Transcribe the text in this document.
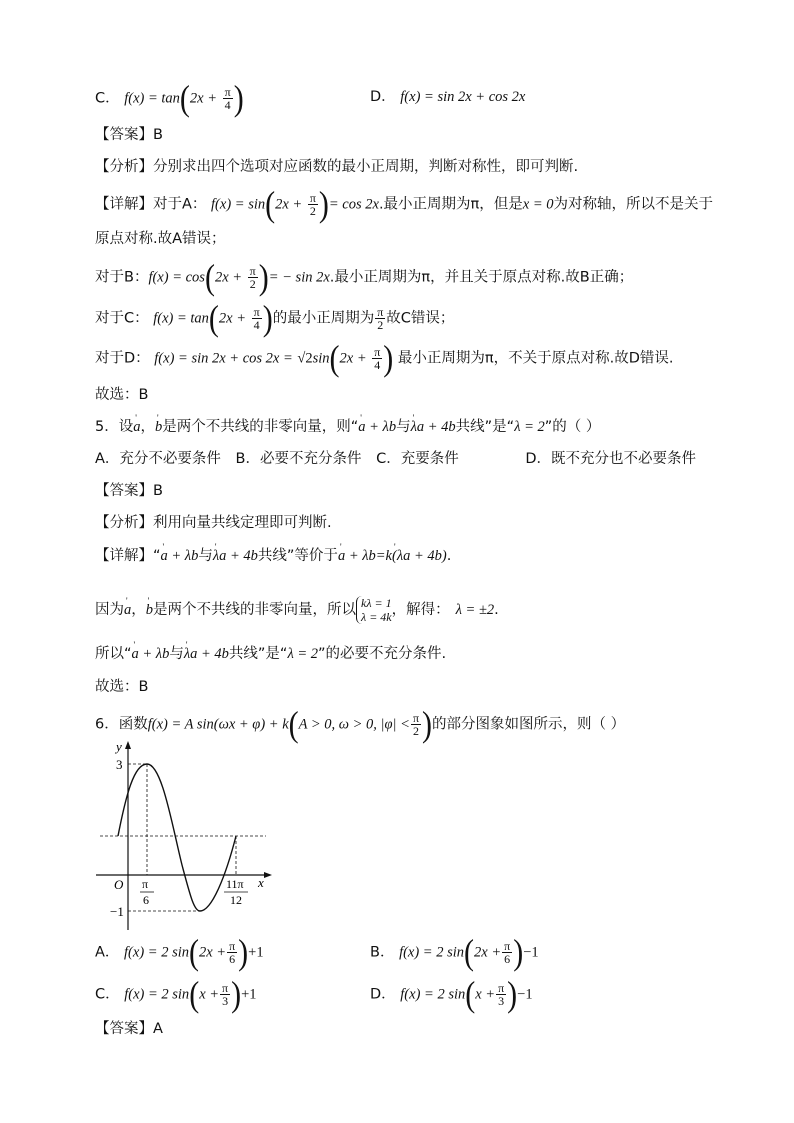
C． $f(x) = \tan(2x + \frac{\pi}{4}$ )	D． f(x) = sin 2x + cos 2x
【答案】B
【分析】分别求出四个选项对应函数的最小正周期，判断对称性，即可判断.
【详解】对于A： $f(x) = \sin(2x + \frac{\pi}{2}$ )= cos 2x.最小正周期为π，但是x = 0为对称轴，所以不是关于
原点对称.故A错误；
对于B：$f(x) = \cos(2x + \frac{\pi}{2}$ )= − sin 2x.最小正周期为π，并且关于原点对称.故B正确；
对于C： $f(x) = \tan(2x + \frac{\pi}{4}$ )的最小正周期为 $\frac{\pi}{2}$ 故C错误；
对于D： $f(x) = \sin 2x + \cos 2x = √2\sin(2x + \frac{\pi}{4}$ ) 最小正周期为π，不关于原点对称.故D错误.
故选：B
5．设' a，' b是两个不共线的非零向量，则“' a + λb与' λa + 4b共线”是“λ = 2”的（ ）
A．充分不必要条件 B．必要不充分条件 C．充要条件	D．既不充分也不必要条件
【答案】B
【分析】利用向量共线定理即可判断.
【详解】“' a + λb与' λa + 4b共线”等价于' a + λb=k' (λa + 4b).
因为' a，' b是两个不共线的非零向量，所以 kλ = 1
λ = 4k ，解得： λ = ±2.
所以“' a + λb与' λa + 4b共线”是“λ = 2”的必要不充分条件.
故选：B
6．函数f(x) = A sin(ωx + φ) + k(A > 0, ω > 0, $|\varphi| < \frac{\pi}{2}$ )的部分图象如图所示，则（ ）
y
x
O
3
−1
π
6
11π
12
A． f(x) = 2 $\sin(2x + \frac{\pi}{6} )+1$	B． f(x) = 2 $\sin(2x + \frac{\pi}{6} )-1$
C． f(x) = 2 $\sin(x + \frac{\pi}{3} )+1$	D． f(x) = 2 $\sin(x + \frac{\pi}{3} )-1$
【答案】A
